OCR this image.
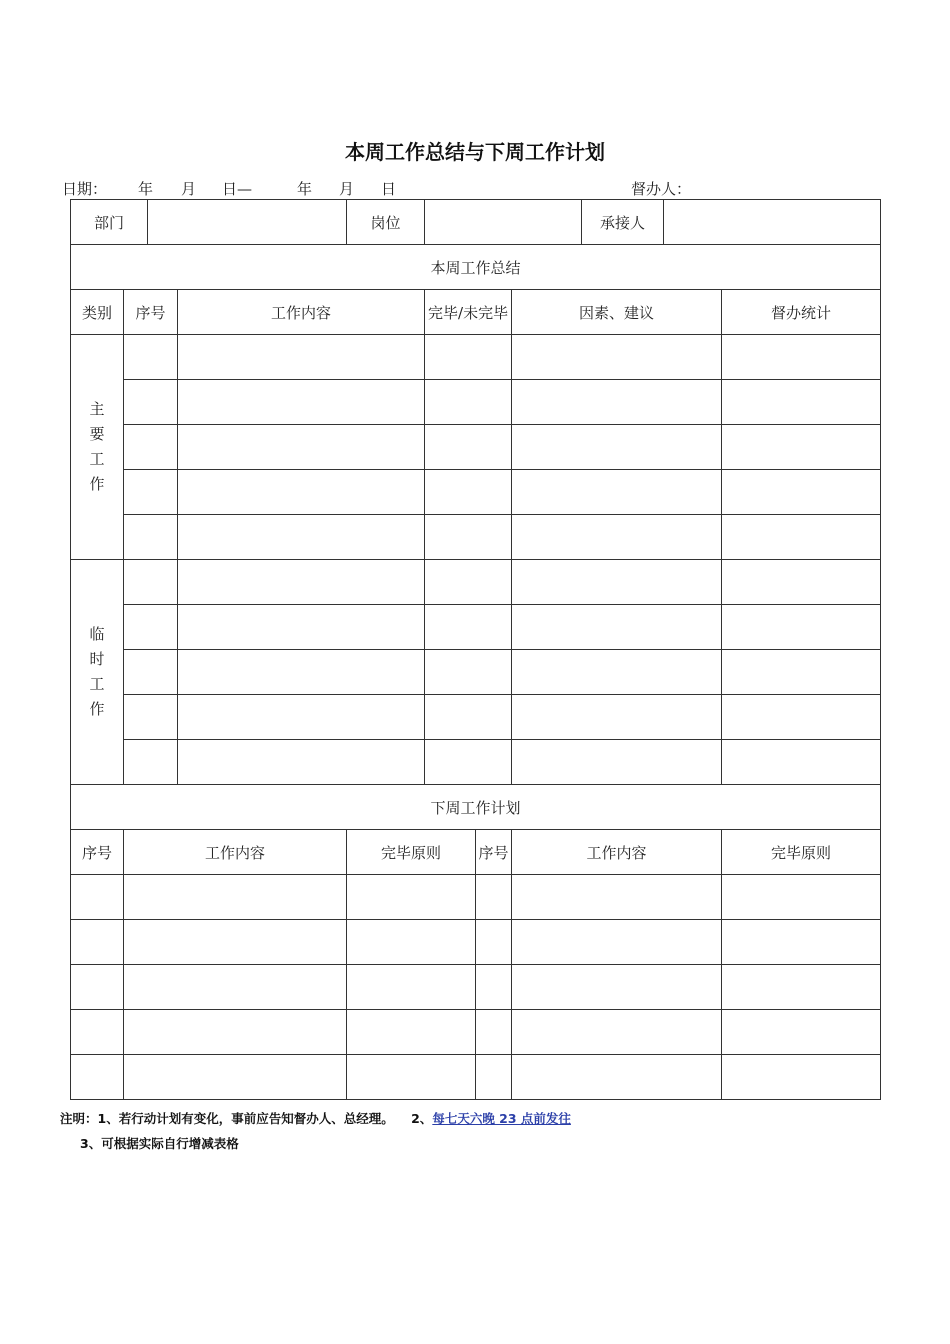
本周工作总结与下周工作计划
日期： 年 月 日—	年 月 日	督办人：
部门				岗位				承接人		
本周工作总结										
类别	序号		工作内容		完毕/未完毕		因素、建议			督办统计

主
要
工
作										

临
时
工
作										

下周工作计划										
序号	工作内容			完毕原则		序号	工作内容			完毕原则

注明：1、若行动计划有变化，事前应告知督办人、总经理。    2、每七天六晚 23 点前发往
3、可根据实际自行增减表格
